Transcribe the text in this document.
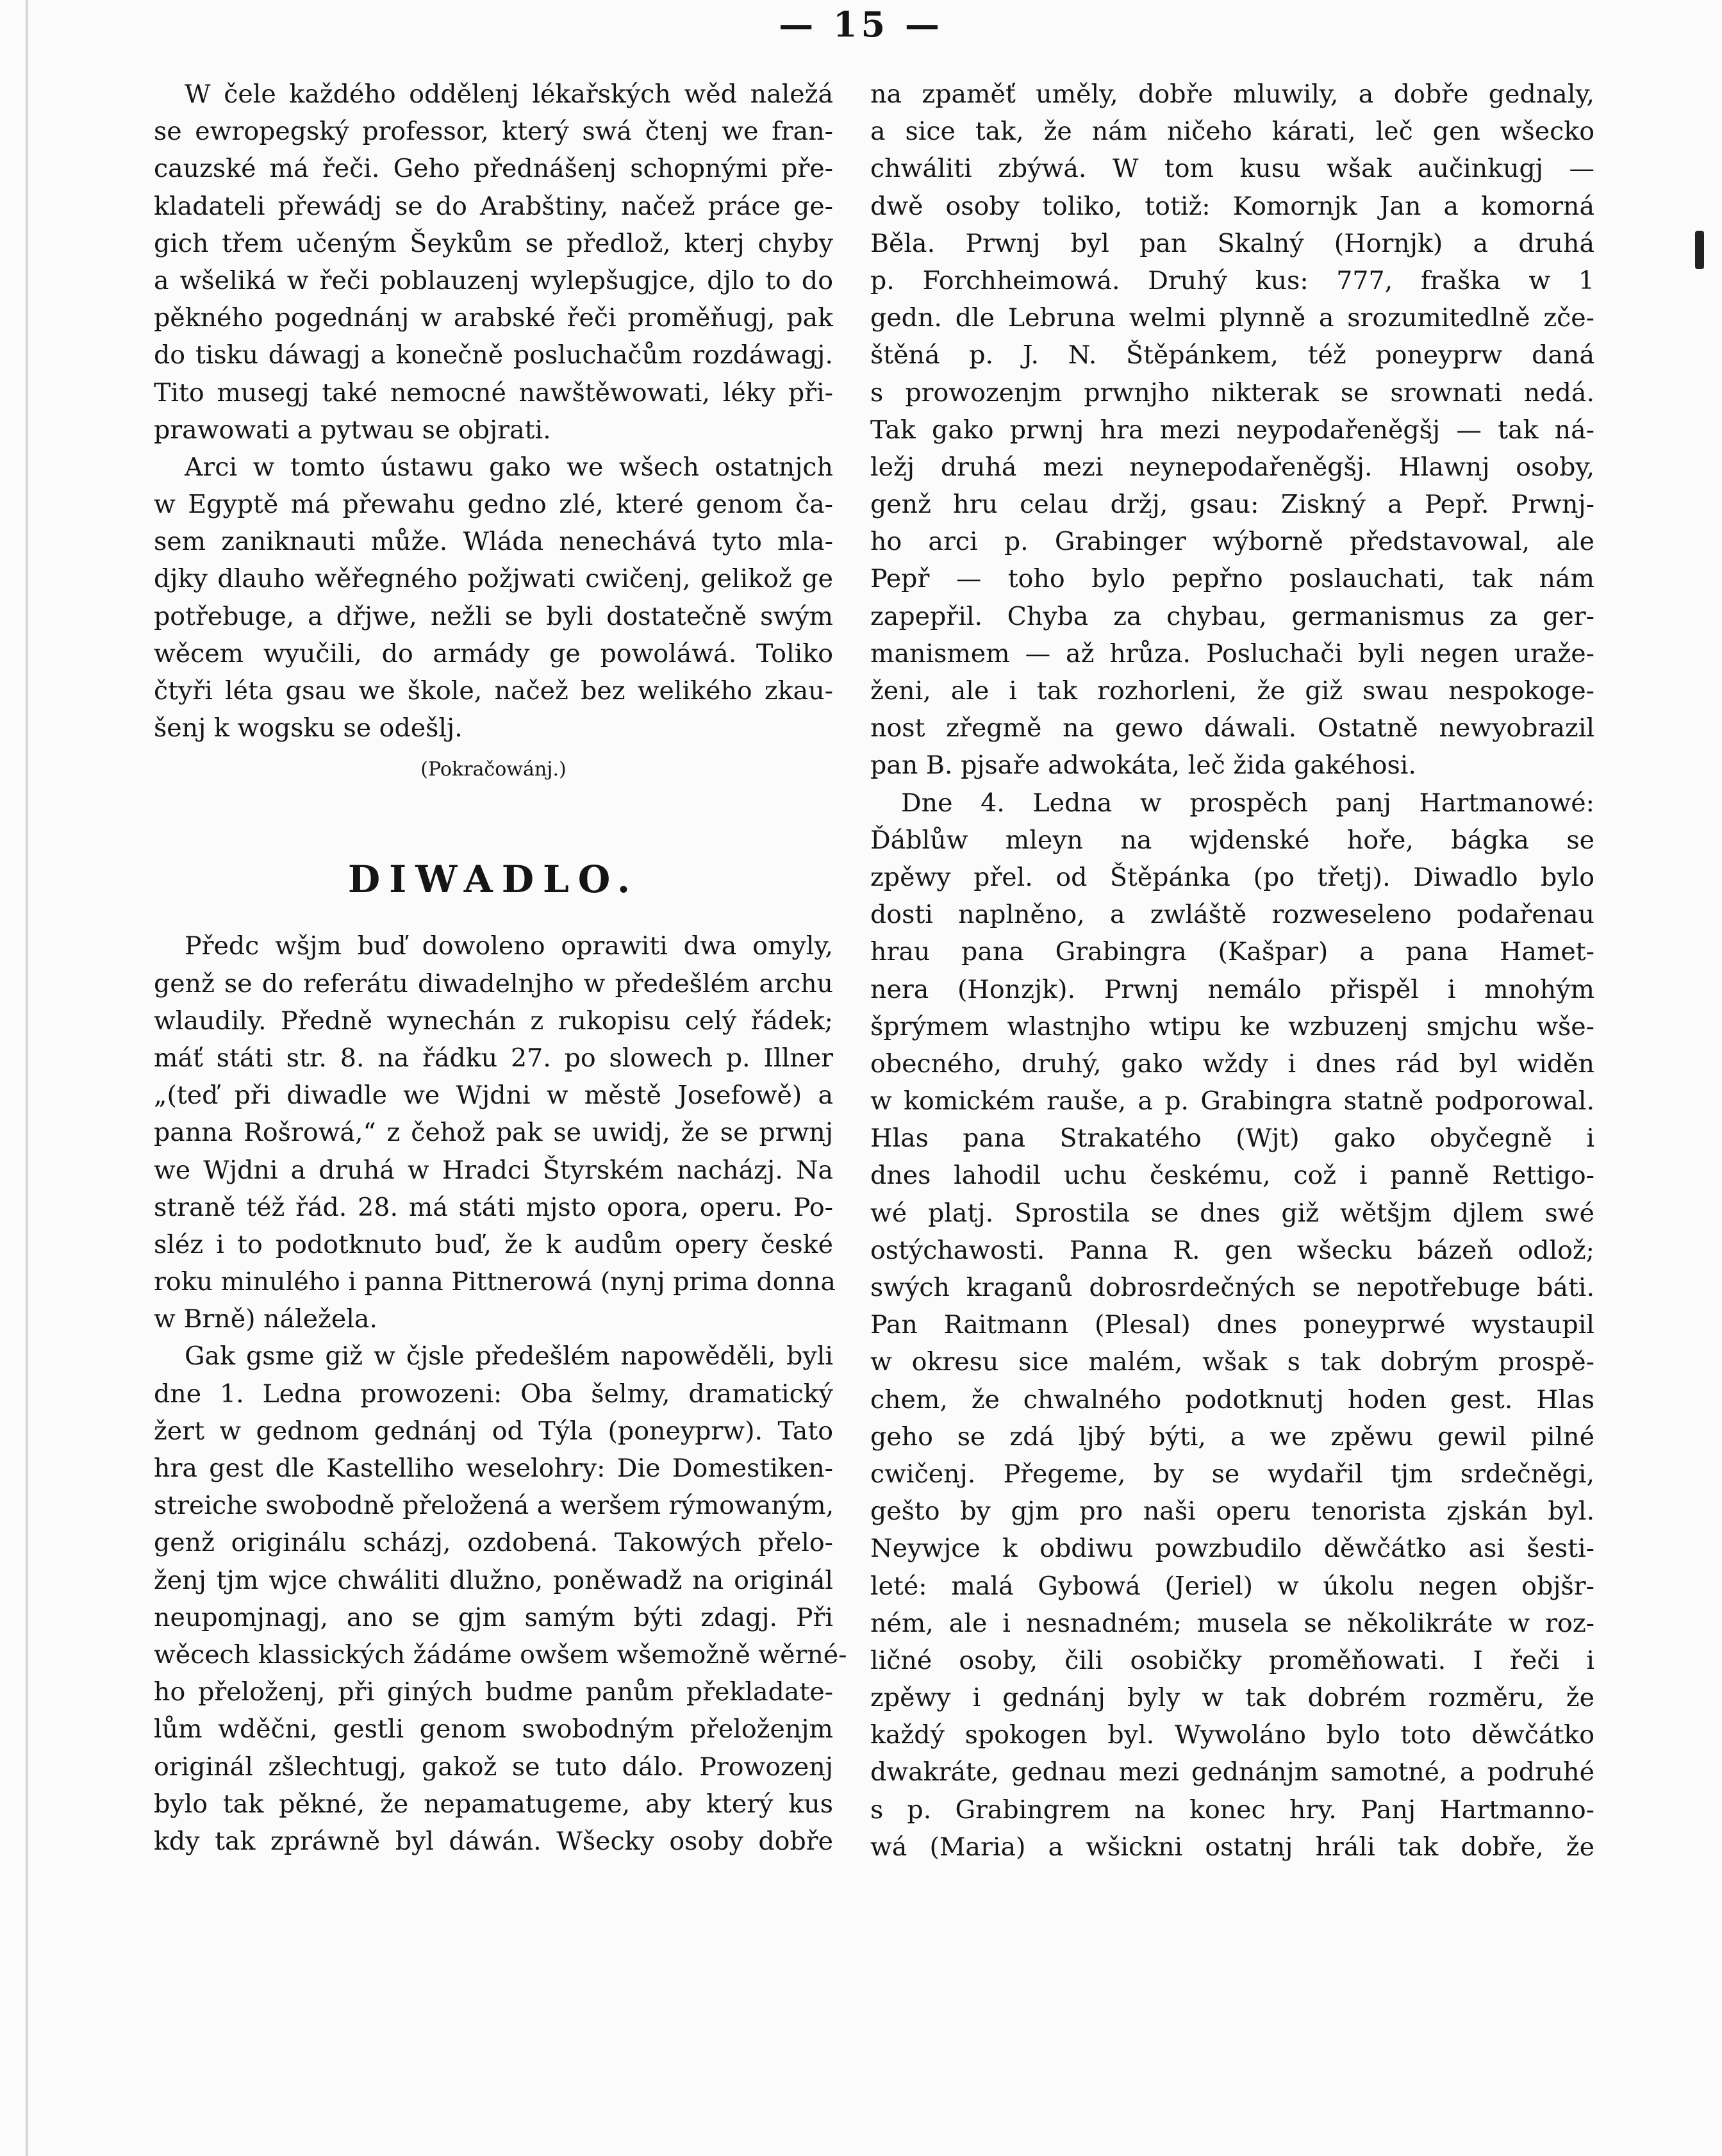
— 15 —
W čele každého oddělenj lékařských wěd naležá
se ewropegský professor, který swá čtenj we fran-
cauzské má řeči. Geho přednášenj schopnými pře-
kladateli přewádj se do Arabštiny, načež práce ge-
gich třem učeným Šeykům se předlož, kterj chyby
a wšeliká w řeči poblauzenj wylepšugjce, djlo to do
pěkného pogednánj w arabské řeči proměňugj, pak
do tisku dáwagj a konečně posluchačům rozdáwagj.
Tito musegj také nemocné nawštěwowati, léky při-
prawowati a pytwau se objrati.
Arci w tomto ústawu gako we wšech ostatnjch
w Egyptě má přewahu gedno zlé, které genom ča-
sem zaniknauti může. Wláda nenechává tyto mla-
djky dlauho wěřegného požjwati cwičenj, gelikož ge
potřebuge, a dřjwe, nežli se byli dostatečně swým
wěcem wyučili, do armády ge powoláwá. Toliko
čtyři léta gsau we škole, načež bez welikého zkau-
šenj k wogsku se odešlj.
(Pokračowánj.)
DIWADLO.
Předc wšjm buď dowoleno oprawiti dwa omyly,
genž se do referátu diwadelnjho w předešlém archu
wlaudily. Předně wynechán z rukopisu celý řádek;
máť státi str. 8. na řádku 27. po slowech p. Illner
„(teď při diwadle we Wjdni w městě Josefowě) a
panna Rošrowá,“ z čehož pak se uwidj, že se prwnj
we Wjdni a druhá w Hradci Štyrském nacházj. Na
straně též řád. 28. má státi mjsto opora, operu. Po-
sléz i to podotknuto buď, že k audům opery české
roku minulého i panna Pittnerowá (nynj prima donna
w Brně) náležela.
Gak gsme giž w čjsle předešlém napowěděli, byli
dne 1. Ledna prowozeni: Oba šelmy, dramatický
žert w gednom gednánj od Týla (poneyprw). Tato
hra gest dle Kastelliho weselohry: Die Domestiken-
streiche swobodně přeložená a weršem rýmowaným,
genž originálu scházj, ozdobená. Takowých přelo-
ženj tjm wjce chwáliti dlužno, poněwadž na originál
neupomjnagj, ano se gjm samým býti zdagj. Při
wěcech klassických žádáme owšem wšemožně wěrné-
ho přeloženj, při giných budme panům překladate-
lům wděčni, gestli genom swobodným přeloženjm
originál zšlechtugj, gakož se tuto dálo. Prowozenj
bylo tak pěkné, že nepamatugeme, aby který kus
kdy tak zpráwně byl dáwán. Wšecky osoby dobře
na zpaměť uměly, dobře mluwily, a dobře gednaly,
a sice tak, že nám ničeho kárati, leč gen wšecko
chwáliti zbýwá. W tom kusu wšak aučinkugj —
dwě osoby toliko, totiž: Komornjk Jan a komorná
Běla. Prwnj byl pan Skalný (Hornjk) a druhá
p. Forchheimowá. Druhý kus: 777, fraška w 1
gedn. dle Lebruna welmi plynně a srozumitedlně zče-
štěná p. J. N. Štěpánkem, též poneyprw daná
s prowozenjm prwnjho nikterak se srownati nedá.
Tak gako prwnj hra mezi neypodařeněgšj — tak ná-
ležj druhá mezi neynepodařeněgšj. Hlawnj osoby,
genž hru celau držj, gsau: Ziskný a Pepř. Prwnj-
ho arci p. Grabinger wýborně představowal, ale
Pepř — toho bylo pepřno poslauchati, tak nám
zapepřil. Chyba za chybau, germanismus za ger-
manismem — až hrůza. Posluchači byli negen uraže-
ženi, ale i tak rozhorleni, že giž swau nespokoge-
nost zřegmě na gewo dáwali. Ostatně newyobrazil
pan B. pjsaře adwokáta, leč žida gakéhosi.
Dne 4. Ledna w prospěch panj Hartmanowé:
Ďáblůw mleyn na wjdenské hoře, bágka se
zpěwy přel. od Štěpánka (po třetj). Diwadlo bylo
dosti naplněno, a zwláště rozweseleno podařenau
hrau pana Grabingra (Kašpar) a pana Hamet-
nera (Honzjk). Prwnj nemálo přispěl i mnohým
šprýmem wlastnjho wtipu ke wzbuzenj smjchu wše-
obecného, druhý, gako wždy i dnes rád byl widěn
w komickém rauše, a p. Grabingra statně podporowal.
Hlas pana Strakatého (Wjt) gako obyčegně i
dnes lahodil uchu českému, což i panně Rettigo-
wé platj. Sprostila se dnes giž wětšjm djlem swé
ostýchawosti. Panna R. gen wšecku bázeň odlož;
swých kraganů dobrosrdečných se nepotřebuge báti.
Pan Raitmann (Plesal) dnes poneyprwé wystaupil
w okresu sice malém, wšak s tak dobrým prospě-
chem, že chwalného podotknutj hoden gest. Hlas
geho se zdá ljbý býti, a we zpěwu gewil pilné
cwičenj. Přegeme, by se wydařil tjm srdečněgi,
gešto by gjm pro naši operu tenorista zjskán byl.
Neywjce k obdiwu powzbudilo děwčátko asi šesti-
leté: malá Gybowá (Jeriel) w úkolu negen objšr-
ném, ale i nesnadném; musela se několikráte w roz-
ličné osoby, čili osobičky proměňowati. I řeči i
zpěwy i gednánj byly w tak dobrém rozměru, že
každý spokogen byl. Wywoláno bylo toto děwčátko
dwakráte, gednau mezi gednánjm samotné, a podruhé
s p. Grabingrem na konec hry. Panj Hartmanno-
wá (Maria) a wšickni ostatnj hráli tak dobře, že
